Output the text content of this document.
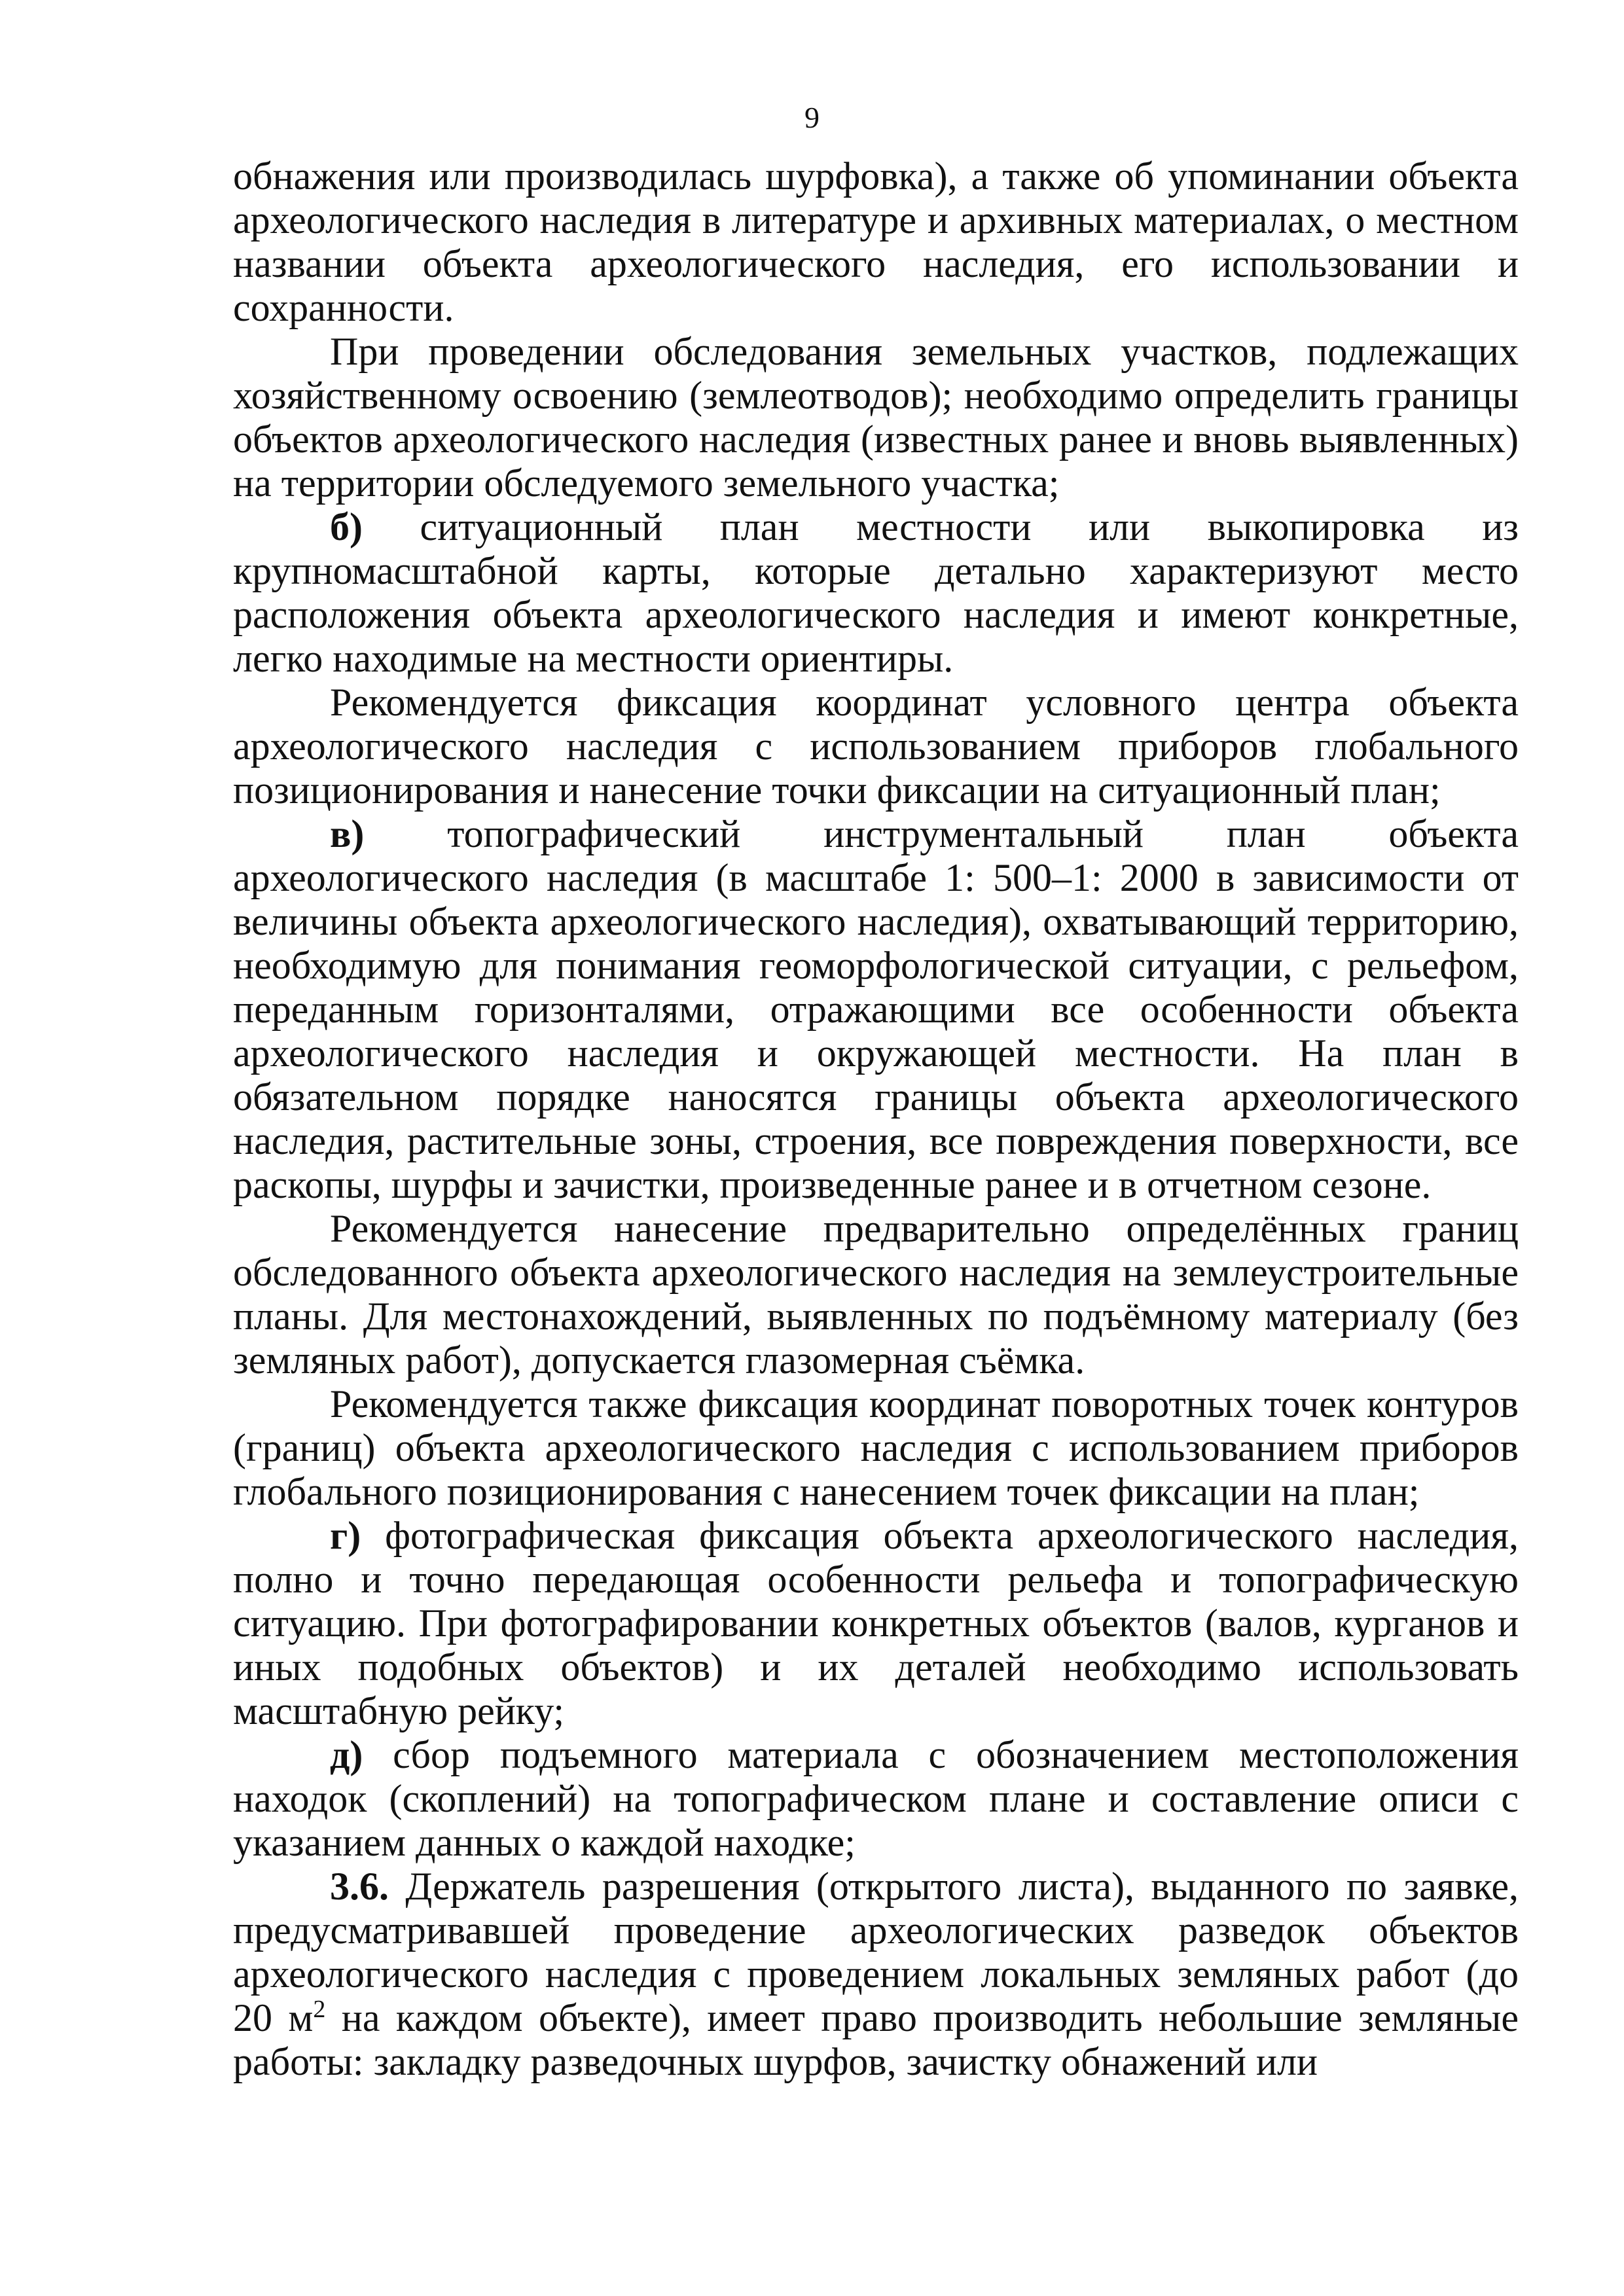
9

обнажения или производилась шурфовка), а также об упоминании объекта археологического наследия в литературе и архивных материалах, о местном названии объекта археологического наследия, его использовании и сохранности.

При проведении обследования земельных участков, подлежащих хозяйственному освоению (землеотводов); необходимо определить границы объектов археологического наследия (известных ранее и вновь выявленных) на территории обследуемого земельного участка;

б) ситуационный план местности или выкопировка из крупномасштабной карты, которые детально характеризуют место расположения объекта археологического наследия и имеют конкретные, легко находимые на местности ориентиры.

Рекомендуется фиксация координат условного центра объекта археологического наследия с использованием приборов глобального позиционирования и нанесение точки фиксации на ситуационный план;

в) топографический инструментальный план объекта археологического наследия (в масштабе 1: 500–1: 2000 в зависимости от величины объекта археологического наследия), охватывающий территорию, необходимую для понимания геоморфологической ситуации, с рельефом, переданным горизонталями, отражающими все особенности объекта археологического наследия и окружающей местности. На план в обязательном порядке наносятся границы объекта археологического наследия, растительные зоны, строения, все повреждения поверхности, все раскопы, шурфы и зачистки, произведенные ранее и в отчетном сезоне.

Рекомендуется нанесение предварительно определённых границ обследованного объекта археологического наследия на землеустроительные планы. Для местонахождений, выявленных по подъёмному материалу (без земляных работ), допускается глазомерная съёмка.

Рекомендуется также фиксация координат поворотных точек контуров (границ) объекта археологического наследия с использованием приборов глобального позиционирования с нанесением точек фиксации на план;

г) фотографическая фиксация объекта археологического наследия, полно и точно передающая особенности рельефа и топографическую ситуацию. При фотографировании конкретных объектов (валов, курганов и иных подобных объектов) и их деталей необходимо использовать масштабную рейку;

д) сбор подъемного материала с обозначением местоположения находок (скоплений) на топографическом плане и составление описи с указанием данных о каждой находке;

3.6. Держатель разрешения (открытого листа), выданного по заявке, предусматривавшей проведение археологических разведок объектов археологического наследия с проведением локальных земляных работ (до 20 $м^2$ на каждом объекте), имеет право производить небольшие земляные работы: закладку разведочных шурфов, зачистку обнажений или
